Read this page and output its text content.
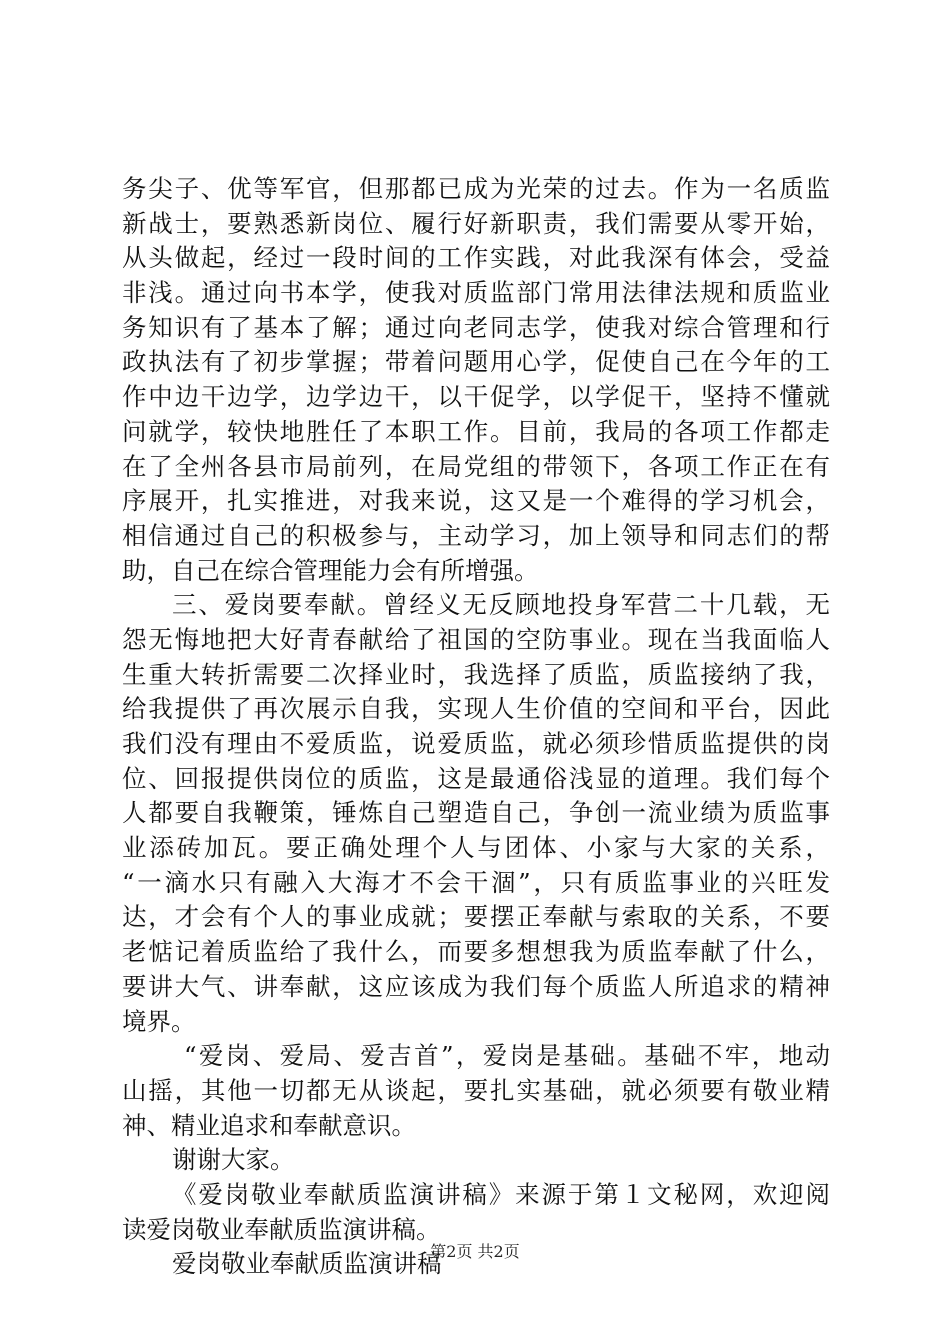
务尖子、优等军官，但那都已成为光荣的过去。作为一名质监
新战士，要熟悉新岗位、履行好新职责，我们需要从零开始，
从头做起，经过一段时间的工作实践，对此我深有体会，受益
非浅。通过向书本学，使我对质监部门常用法律法规和质监业
务知识有了基本了解；通过向老同志学，使我对综合管理和行
政执法有了初步掌握；带着问题用心学，促使自己在今年的工
作中边干边学，边学边干，以干促学，以学促干，坚持不懂就
问就学，较快地胜任了本职工作。目前，我局的各项工作都走
在了全州各县市局前列，在局党组的带领下，各项工作正在有
序展开，扎实推进，对我来说，这又是一个难得的学习机会，
相信通过自己的积极参与，主动学习，加上领导和同志们的帮
助，自己在综合管理能力会有所增强。
三、爱岗要奉献。曾经义无反顾地投身军营二十几载，无
怨无悔地把大好青春献给了祖国的空防事业。现在当我面临人
生重大转折需要二次择业时，我选择了质监，质监接纳了我，
给我提供了再次展示自我，实现人生价值的空间和平台，因此
我们没有理由不爱质监，说爱质监，就必须珍惜质监提供的岗
位、回报提供岗位的质监，这是最通俗浅显的道理。我们每个
人都要自我鞭策，锤炼自己塑造自己，争创一流业绩为质监事
业添砖加瓦。要正确处理个人与团体、小家与大家的关系，
“一滴水只有融入大海才不会干涸”，只有质监事业的兴旺发
达，才会有个人的事业成就；要摆正奉献与索取的关系，不要
老惦记着质监给了我什么，而要多想想我为质监奉献了什么，
要讲大气、讲奉献，这应该成为我们每个质监人所追求的精神
境界。
“爱岗、爱局、爱吉首”，爱岗是基础。基础不牢，地动
山摇，其他一切都无从谈起，要扎实基础，就必须要有敬业精
神、精业追求和奉献意识。
谢谢大家。
《爱岗敬业奉献质监演讲稿》来源于第１文秘网，欢迎阅
读爱岗敬业奉献质监演讲稿。
爱岗敬业奉献质监演讲稿
第2页 共2页
